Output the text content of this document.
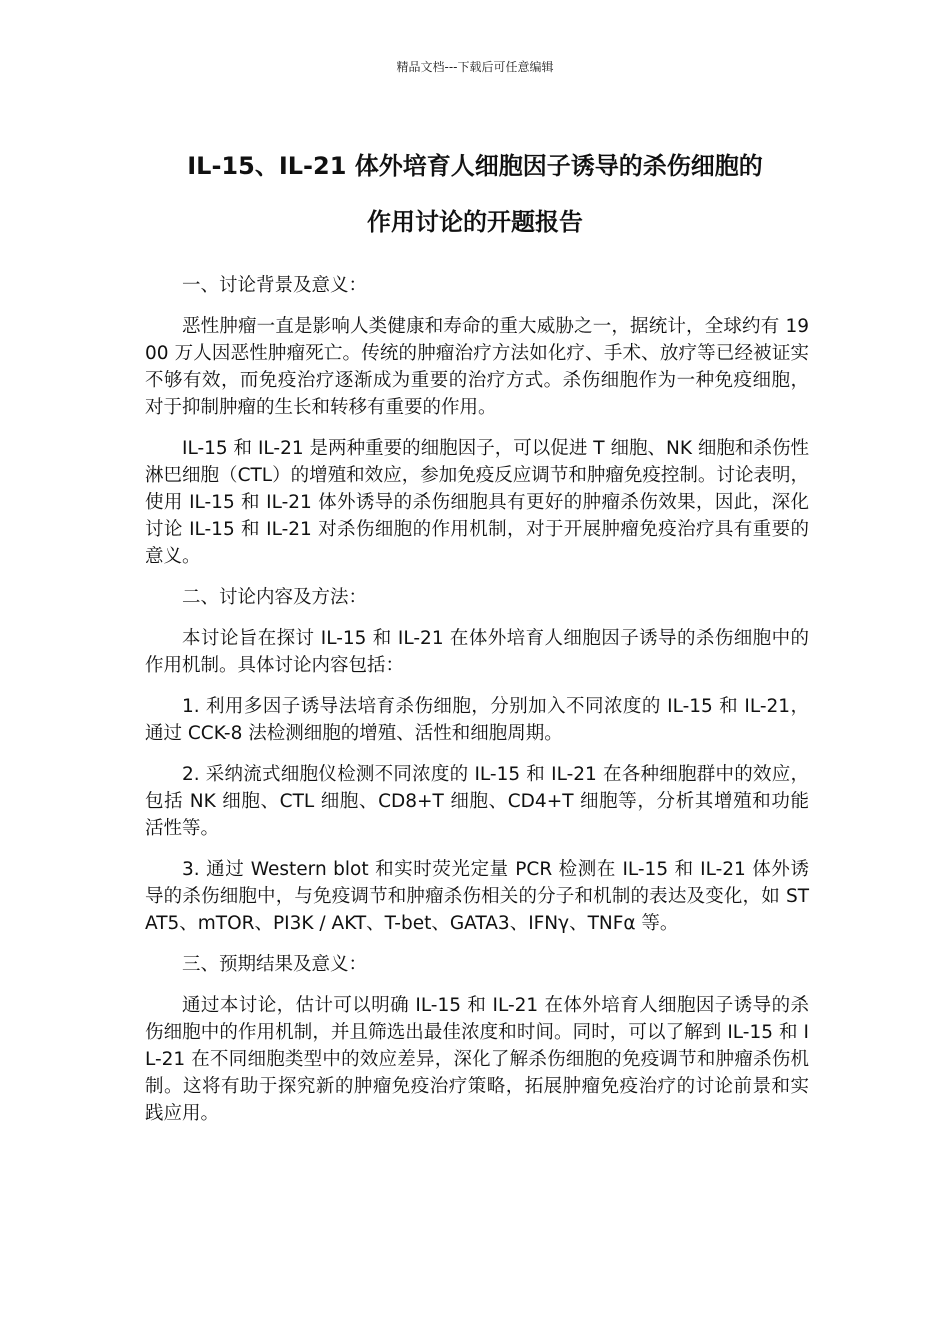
精品文档---下载后可任意编辑
IL-15、IL-21 体外培育人细胞因子诱导的杀伤细胞的
作用讨论的开题报告

一、讨论背景及意义：

恶性肿瘤一直是影响人类健康和寿命的重大威胁之一，据统计，全球约有 1900 万人因恶性肿瘤死亡。传统的肿瘤治疗方法如化疗、手术、放疗等已经被证实不够有效，而免疫治疗逐渐成为重要的治疗方式。杀伤细胞作为一种免疫细胞，对于抑制肿瘤的生长和转移有重要的作用。

IL-15 和 IL-21 是两种重要的细胞因子，可以促进 T 细胞、NK 细胞和杀伤性淋巴细胞（CTL）的增殖和效应，参加免疫反应调节和肿瘤免疫控制。讨论表明，使用 IL-15 和 IL-21 体外诱导的杀伤细胞具有更好的肿瘤杀伤效果，因此，深化讨论 IL-15 和 IL-21 对杀伤细胞的作用机制，对于开展肿瘤免疫治疗具有重要的意义。

二、讨论内容及方法：

本讨论旨在探讨 IL-15 和 IL-21 在体外培育人细胞因子诱导的杀伤细胞中的作用机制。具体讨论内容包括：

1. 利用多因子诱导法培育杀伤细胞，分别加入不同浓度的 IL-15 和 IL-21，通过 CCK-8 法检测细胞的增殖、活性和细胞周期。

2. 采纳流式细胞仪检测不同浓度的 IL-15 和 IL-21 在各种细胞群中的效应，包括 NK 细胞、CTL 细胞、CD8+T 细胞、CD4+T 细胞等，分析其增殖和功能活性等。

3. 通过 Western blot 和实时荧光定量 PCR 检测在 IL-15 和 IL-21 体外诱导的杀伤细胞中，与免疫调节和肿瘤杀伤相关的分子和机制的表达及变化，如 STAT5、mTOR、PI3K / AKT、T-bet、GATA3、IFNγ、TNFα 等。

三、预期结果及意义：

通过本讨论，估计可以明确 IL-15 和 IL-21 在体外培育人细胞因子诱导的杀伤细胞中的作用机制，并且筛选出最佳浓度和时间。同时，可以了解到 IL-15 和 IL-21 在不同细胞类型中的效应差异，深化了解杀伤细胞的免疫调节和肿瘤杀伤机制。这将有助于探究新的肿瘤免疫治疗策略，拓展肿瘤免疫治疗的讨论前景和实践应用。
